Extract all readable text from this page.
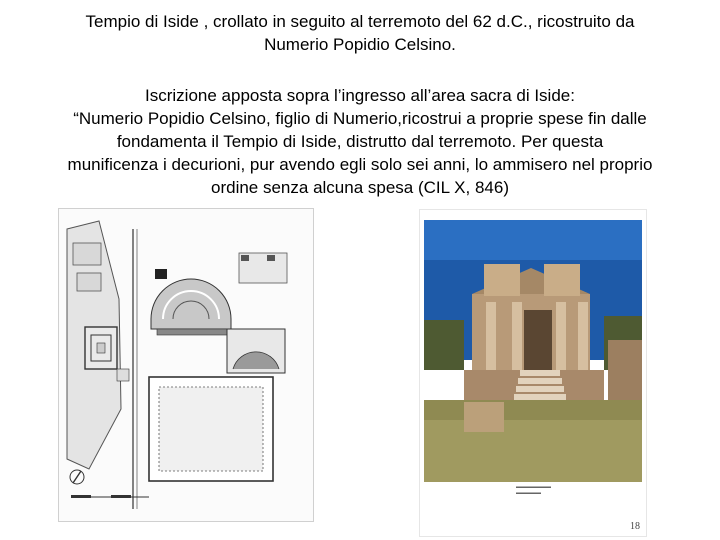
Tempio di Iside , crollato in seguito al terremoto del 62 d.C., ricostruito da

Numerio Popidio Celsino.

Iscrizione apposta sopra l’ingresso all’area sacra di Iside:

“Numerio Popidio Celsino, figlio di Numerio,ricostrui a proprie spese fin dalle

fondamenta il Tempio di Iside, distrutto dal terremoto. Per questa

munificenza i decurioni, pur avendo egli solo sei anni, lo ammisero nel proprio

ordine senza alcuna spesa (CIL X, 846)

▬▬▬▬▬▬▬
▬▬▬▬▬
18
